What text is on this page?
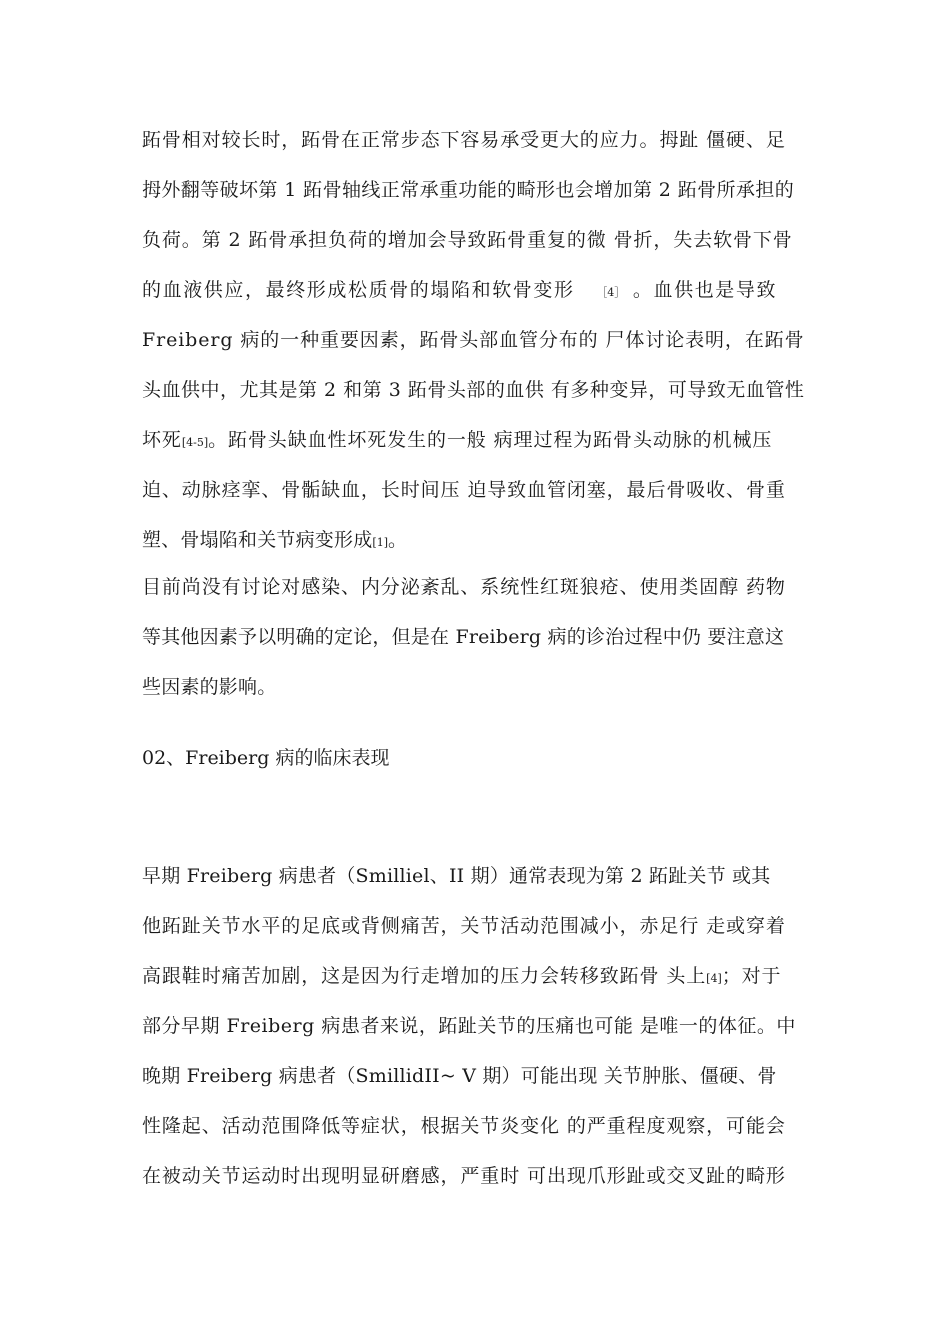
跖骨相对较长时，跖骨在正常步态下容易承受更大的应力。拇趾 僵硬、足
拇外翻等破坏第 1 跖骨轴线正常承重功能的畸形也会增加第 2 跖骨所承担的
负荷。第 2 跖骨承担负荷的增加会导致跖骨重复的微 骨折，失去软骨下骨
的血液供应，最终形成松质骨的塌陷和软骨变形 ［4］ 。血供也是导致
Freiberg 病的一种重要因素，跖骨头部血管分布的 尸体讨论表明，在跖骨
头血供中，尤其是第 2 和第 3 跖骨头部的血供 有多种变异，可导致无血管性
坏死[4-5]。跖骨头缺血性坏死发生的一般 病理过程为跖骨头动脉的机械压
迫、动脉痉挛、骨骺缺血，长时间压 迫导致血管闭塞，最后骨吸收、骨重
塑、骨塌陷和关节病变形成[1]。
目前尚没有讨论对感染、内分泌紊乱、系统性红斑狼疮、使用类固醇 药物
等其他因素予以明确的定论，但是在 Freiberg 病的诊治过程中仍 要注意这
些因素的影响。
02、Freiberg 病的临床表现
早期 Freiberg 病患者（Smilliel、II 期）通常表现为第 2 跖趾关节 或其
他跖趾关节水平的足底或背侧痛苦，关节活动范围减小，赤足行 走或穿着
高跟鞋时痛苦加剧，这是因为行走增加的压力会转移致跖骨 头上[4]；对于
部分早期 Freiberg 病患者来说，跖趾关节的压痛也可能 是唯一的体征。中
晚期 Freiberg 病患者（SmillidII~ V 期）可能出现 关节肿胀、僵硬、骨
性隆起、活动范围降低等症状，根据关节炎变化 的严重程度观察，可能会
在被动关节运动时出现明显研磨感，严重时 可出现爪形趾或交叉趾的畸形
